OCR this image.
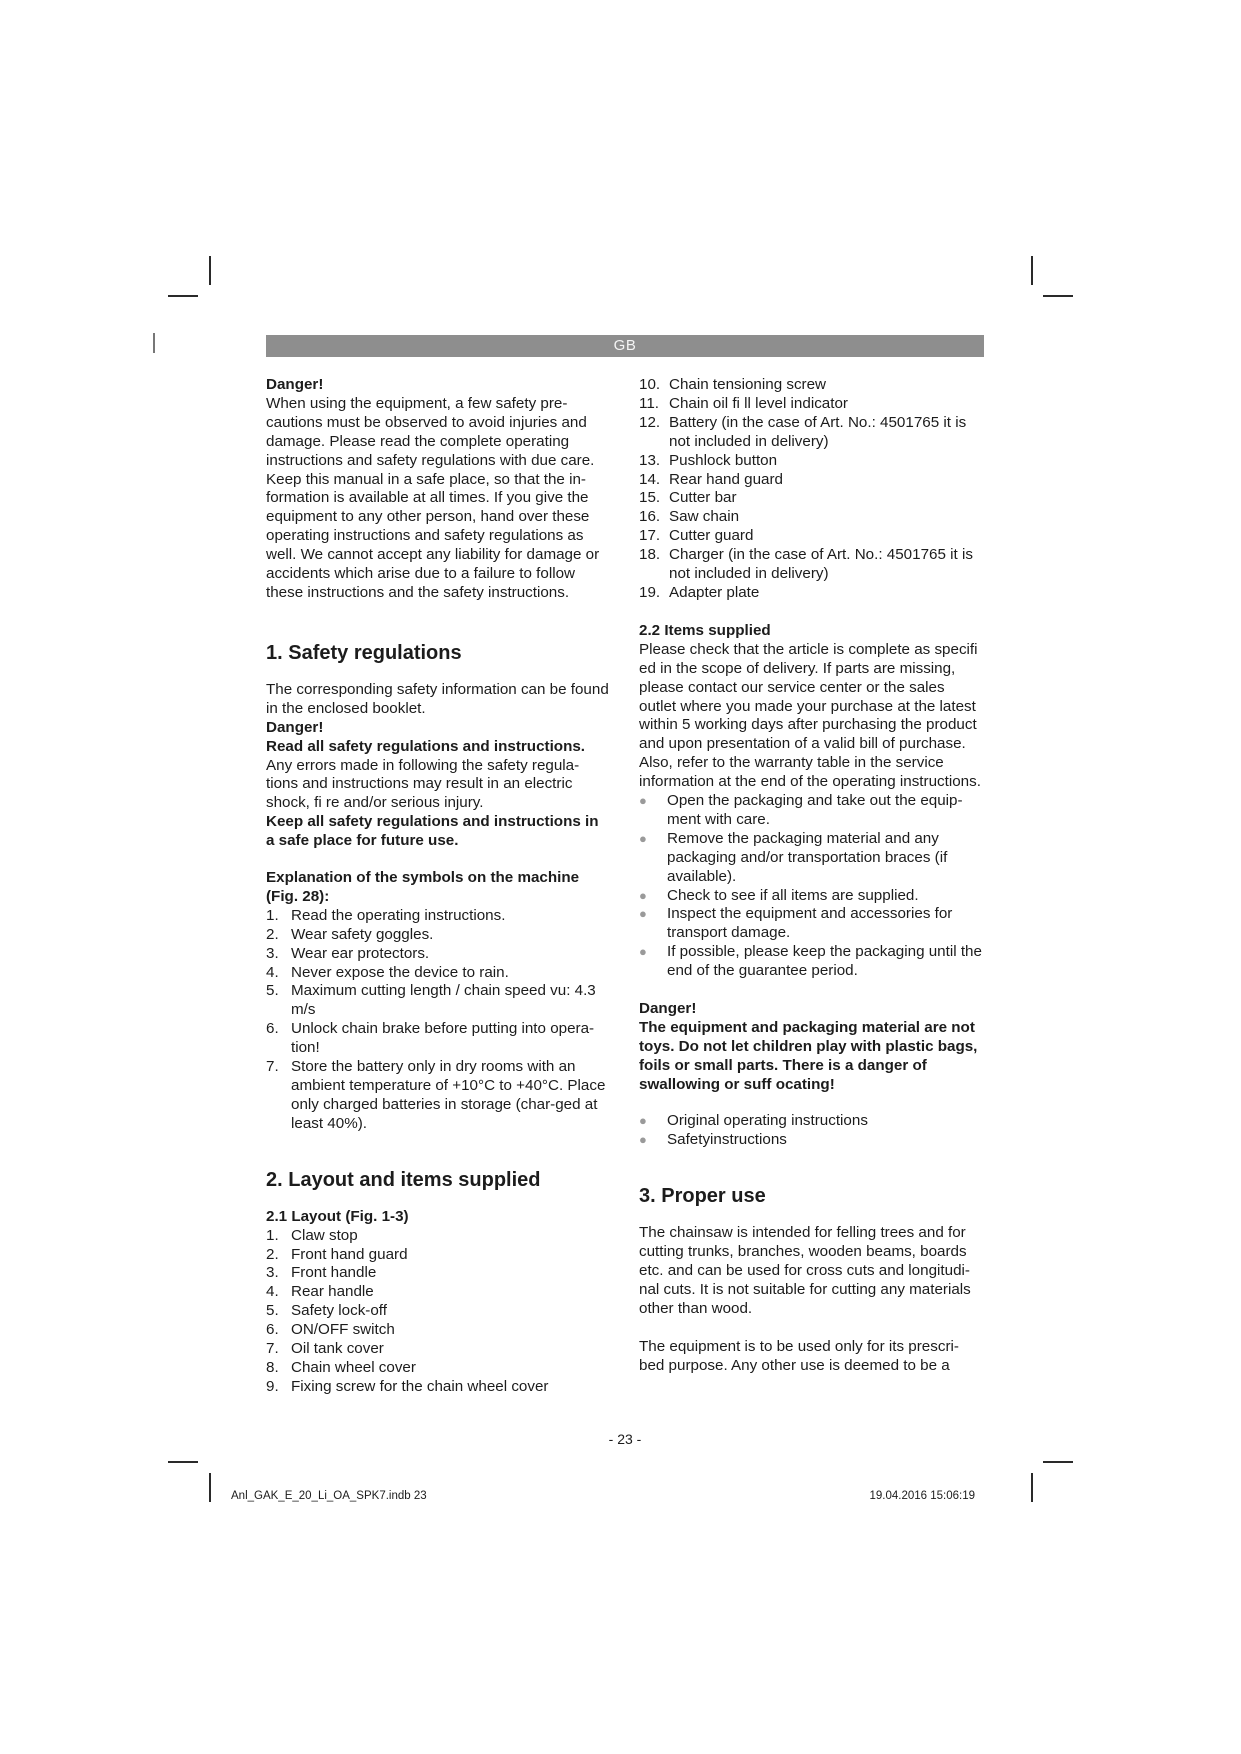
GB

Danger!

When using the equipment, a few safety pre-cautions must be observed to avoid injuries and damage. Please read the complete operating instructions and safety regulations with due care. Keep this manual in a safe place, so that the in-formation is available at all times. If you give the equipment to any other person, hand over these operating instructions and safety regulations as well. We cannot accept any liability for damage or accidents which arise due to a failure to follow these instructions and the safety instructions.

1. Safety regulations

The corresponding safety information can be found in the enclosed booklet.

Danger!

Read all safety regulations and instructions.

Any errors made in following the safety regula-tions and instructions may result in an electric shock, fi re and/or serious injury.

Keep all safety regulations and instructions in a safe place for future use.

Explanation of the symbols on the machine (Fig. 28):

1. Read the operating instructions.
2. Wear safety goggles.
3. Wear ear protectors.
4. Never expose the device to rain.
5. Maximum cutting length / chain speed vu: 4.3 m/s
6. Unlock chain brake before putting into opera-tion!
7. Store the battery only in dry rooms with an ambient temperature of +10°C to +40°C. Place only charged batteries in storage (char-ged at least 40%).
2. Layout and items supplied

2.1 Layout (Fig. 1-3)

1. Claw stop
2. Front hand guard
3. Front handle
4. Rear handle
5. Safety lock-off
6. ON/OFF switch
7. Oil tank cover
8. Chain wheel cover
9. Fixing screw for the chain wheel cover
10. Chain tensioning screw
11. Chain oil fi ll level indicator
12. Battery (in the case of Art. No.: 4501765 it is not included in delivery)
13. Pushlock button
14. Rear hand guard
15. Cutter bar
16. Saw chain
17. Cutter guard
18. Charger (in the case of Art. No.: 4501765 it is not included in delivery)
19. Adapter plate

2.2 Items supplied

Please check that the article is complete as specifi ed in the scope of delivery. If parts are missing, please contact our service center or the sales outlet where you made your purchase at the latest within 5 working days after purchasing the product and upon presentation of a valid bill of purchase. Also, refer to the warranty table in the service information at the end of the operating instructions.

● Open the packaging and take out the equip-ment with care.
● Remove the packaging material and any packaging and/or transportation braces (if available).
● Check to see if all items are supplied.
● Inspect the equipment and accessories for transport damage.
● If possible, please keep the packaging until the end of the guarantee period.

Danger!

The equipment and packaging material are not toys. Do not let children play with plastic bags, foils or small parts. There is a danger of swallowing or suff ocating!

● Original operating instructions
● Safetyinstructions
3. Proper use

The chainsaw is intended for felling trees and for cutting trunks, branches, wooden beams, boards etc. and can be used for cross cuts and longitudi-nal cuts. It is not suitable for cutting any materials other than wood.

The equipment is to be used only for its prescri-bed purpose. Any other use is deemed to be a

- 23 -
Anl_GAK_E_20_Li_OA_SPK7.indb 23	19.04.2016 15:06:19
